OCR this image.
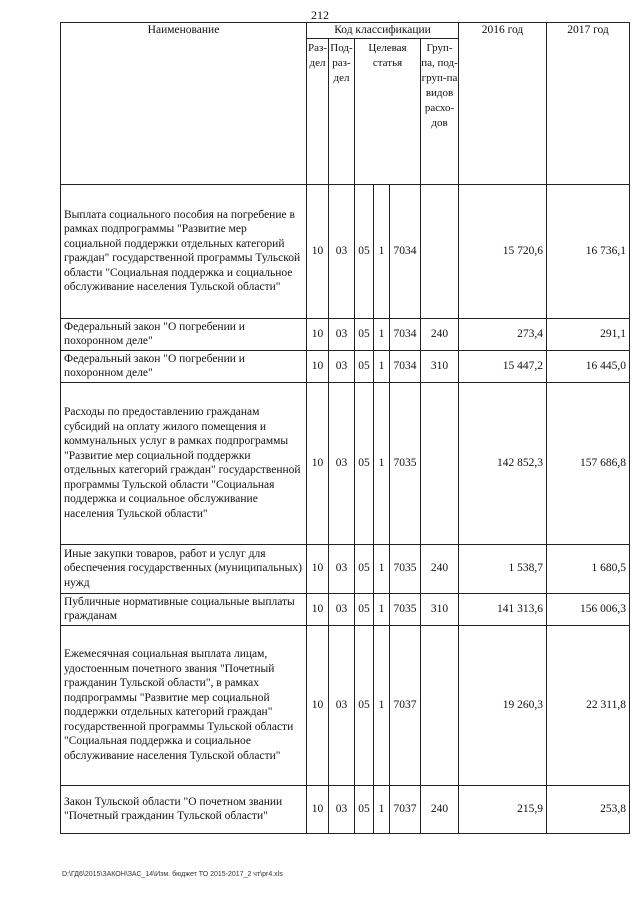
212
Наименование	Код классификации						2016 год	2017 год
	Раз-дел	Под-раз-дел	Целевая статья			Груп-па, под-груп-па видов расхо-дов		
Выплата социального пособия на погребение в рамках подпрограммы "Развитие мер социальной поддержки отдельных категорий граждан" государственной программы Тульской области "Социальная поддержка и социальное обслуживание населения Тульской области"	10	03	05	1	7034		15 720,6	16 736,1
Федеральный закон "О погребении и похоронном деле"	10	03	05	1	7034	240	273,4	291,1
Федеральный закон "О погребении и похоронном деле"	10	03	05	1	7034	310	15 447,2	16 445,0
Расходы по предоставлению гражданам субсидий на оплату жилого помещения и коммунальных услуг в рамках подпрограммы "Развитие мер социальной поддержки отдельных категорий граждан" государственной программы Тульской области "Социальная поддержка и социальное обслуживание населения Тульской области"	10	03	05	1	7035		142 852,3	157 686,8
Иные закупки товаров, работ и услуг для обеспечения государственных (муниципальных) нужд	10	03	05	1	7035	240	1 538,7	1 680,5
Публичные нормативные социальные выплаты гражданам	10	03	05	1	7035	310	141 313,6	156 006,3
Ежемесячная социальная выплата лицам, удостоенным почетного звания "Почетный гражданин Тульской области", в рамках подпрограммы "Развитие мер социальной поддержки отдельных категорий граждан" государственной программы Тульской области "Социальная поддержка и социальное обслуживание населения Тульской области"	10	03	05	1	7037		19 260,3	22 311,8
Закон Тульской области "О почетном звании "Почетный гражданин Тульской области"	10	03	05	1	7037	240	215,9	253,8
D:\ГД6\2015\ЗАКОН\ЗАС_14\Изм. бюджет ТО 2015-2017_2 чт\pr4.xls
